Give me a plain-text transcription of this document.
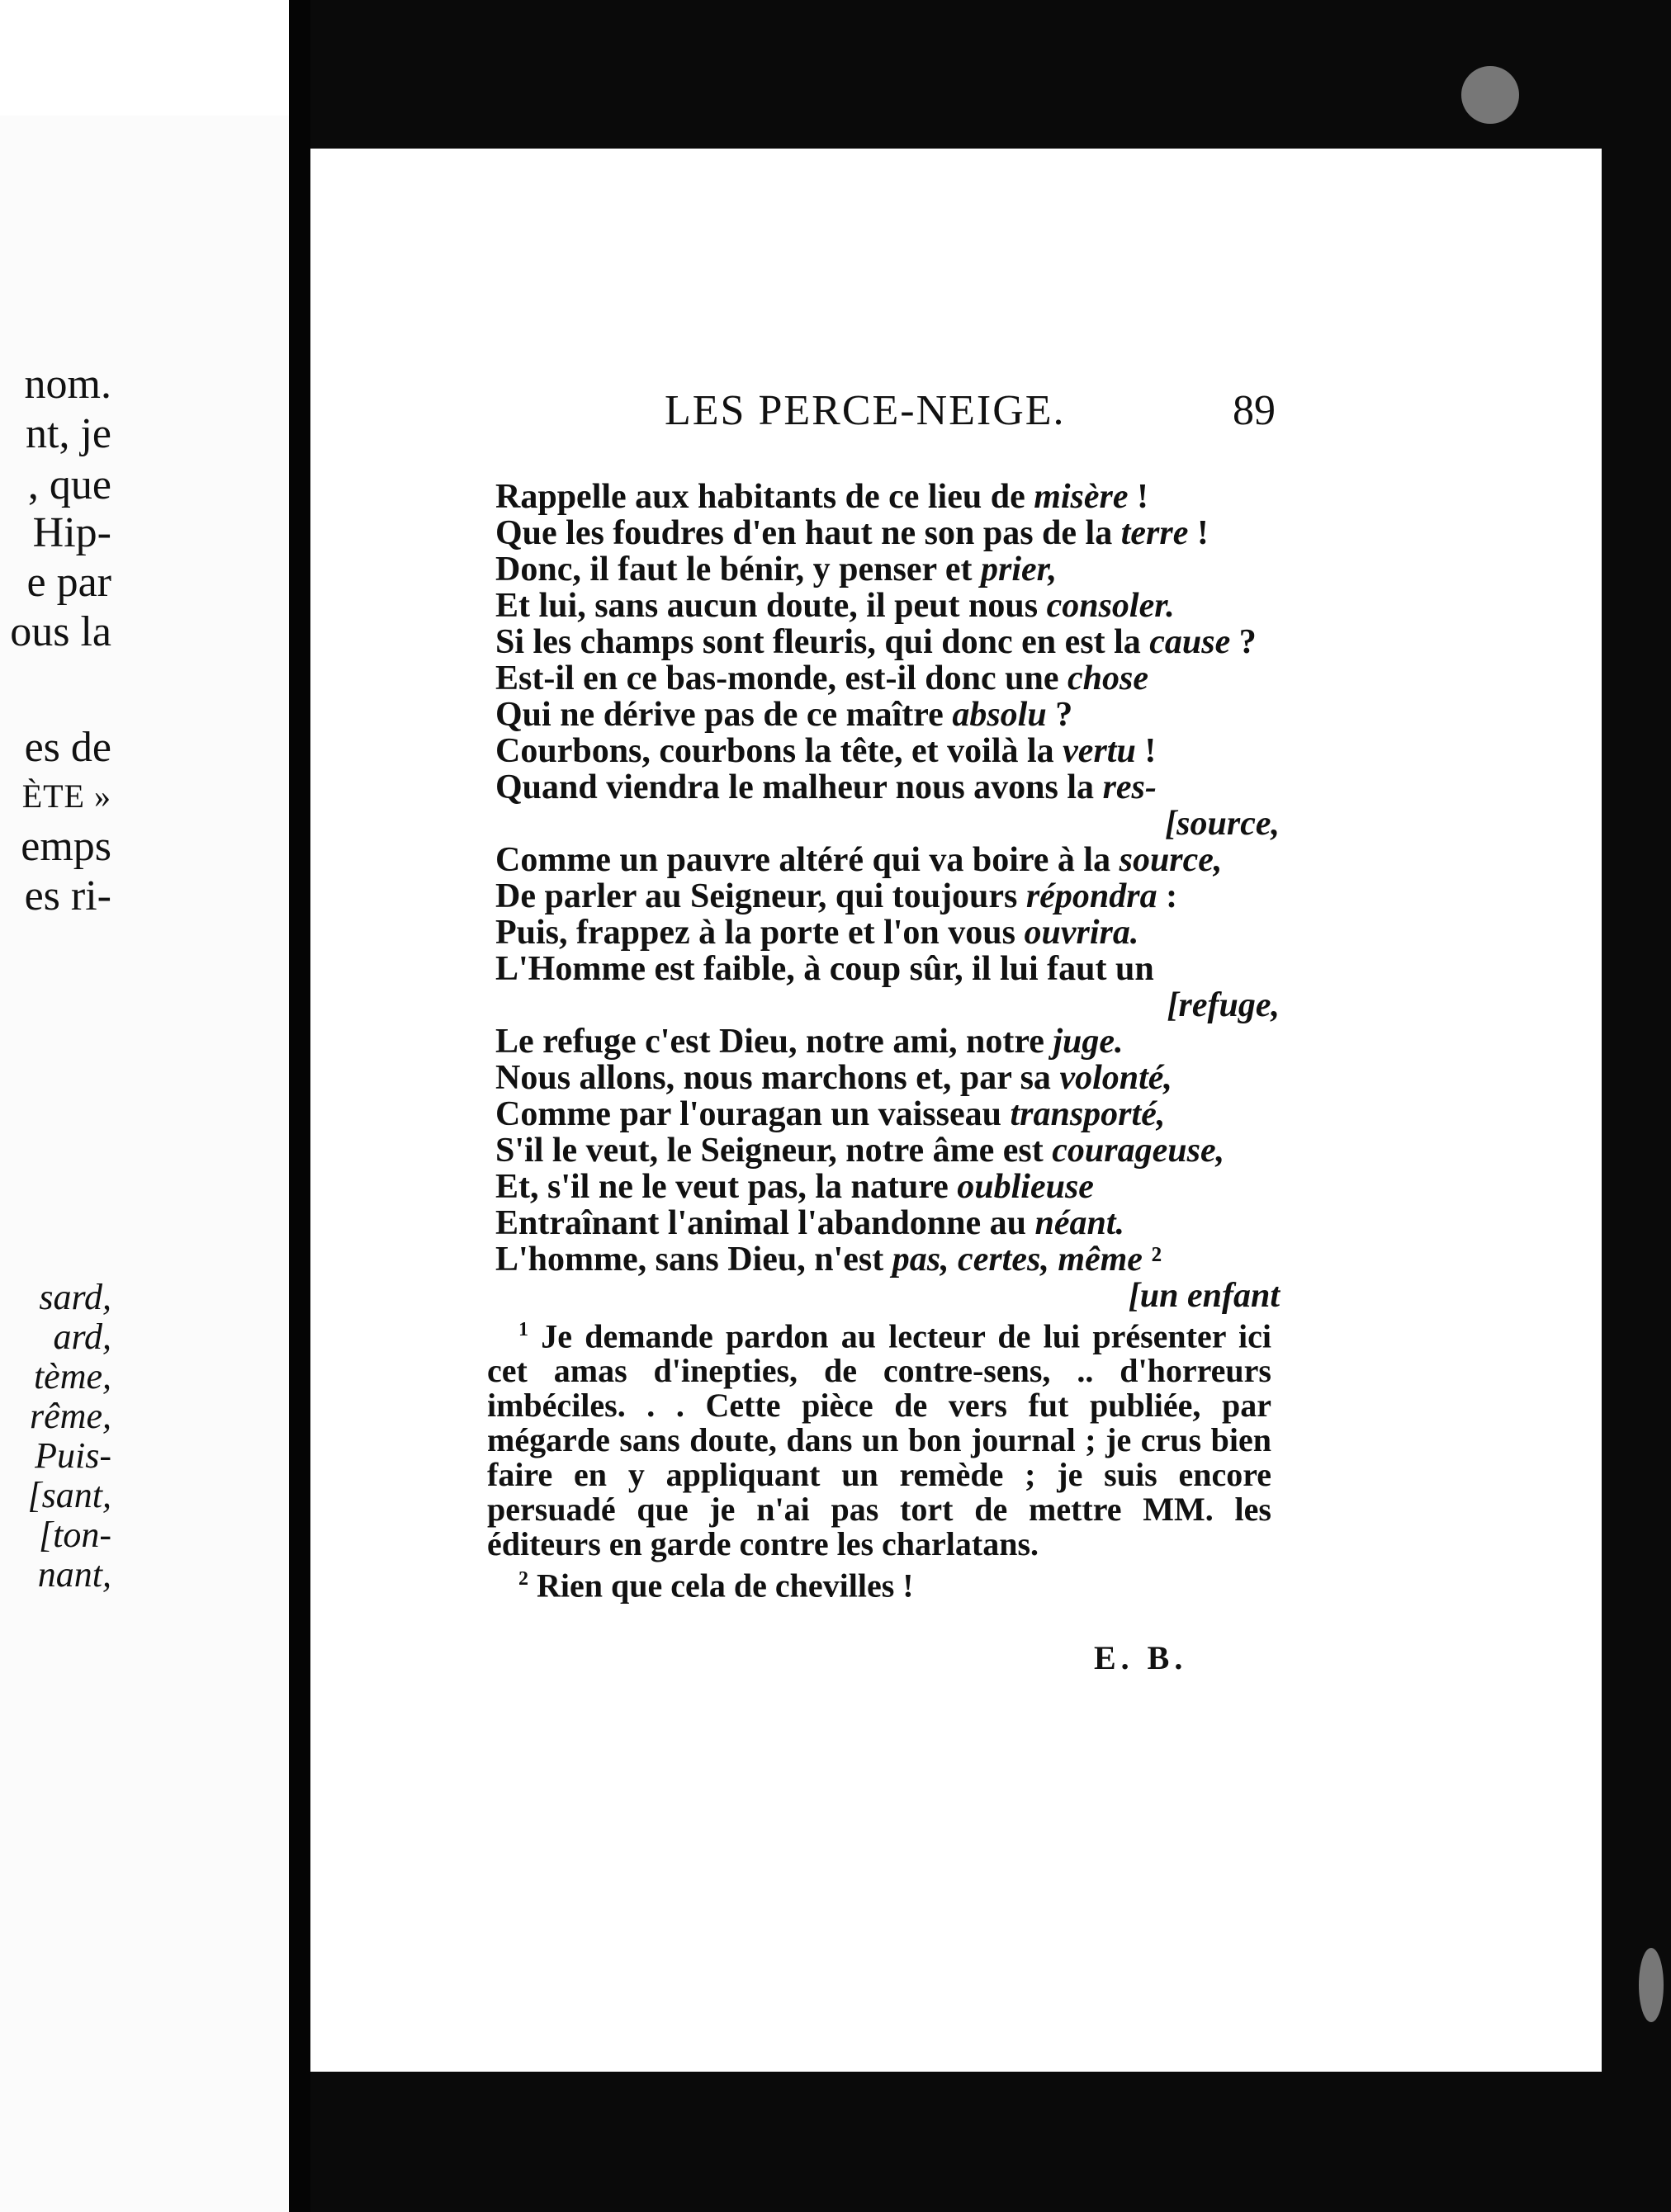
nom.
nt, je
, que
Hip-
e par
ous la
es de
ÈTE »
emps
es ri-
sard,
ard,
tème,
rême,
Puis-
[sant,
[ton-
nant,
LES PERCE-NEIGE.	89
Rappelle aux habitants de ce lieu de misère !
Que les foudres d'en haut ne son pas de la terre !
Donc, il faut le bénir, y penser et prier,
Et lui, sans aucun doute, il peut nous consoler.
Si les champs sont fleuris, qui donc en est la cause ?
Est-il en ce bas-monde, est-il donc une chose
Qui ne dérive pas de ce maître absolu ?
Courbons, courbons la tête, et voilà la vertu !
Quand viendra le malheur nous avons la res-
[source,
Comme un pauvre altéré qui va boire à la source,
De parler au Seigneur, qui toujours répondra :
Puis, frappez à la porte et l'on vous ouvrira.
L'Homme est faible, à coup sûr, il lui faut un
[refuge,
Le refuge c'est Dieu, notre ami, notre juge.
Nous allons, nous marchons et, par sa volonté,
Comme par l'ouragan un vaisseau transporté,
S'il le veut, le Seigneur, notre âme est courageuse,
Et, s'il ne le veut pas, la nature oublieuse
Entraînant l'animal l'abandonne au néant.
L'homme, sans Dieu, n'est pas, certes, même ²
[un enfant

$^1$ Je demande pardon au lecteur de lui présenter ici cet amas d'inepties, de contre-sens, .. d'horreurs imbéciles. . . Cette pièce de vers fut publiée, par mégarde sans doute, dans un bon journal ; je crus bien faire en y appliquant un remède ; je suis encore persuadé que je n'ai pas tort de mettre MM. les éditeurs en garde contre les charlatans.

$^2$ Rien que cela de chevilles !

E. B.
